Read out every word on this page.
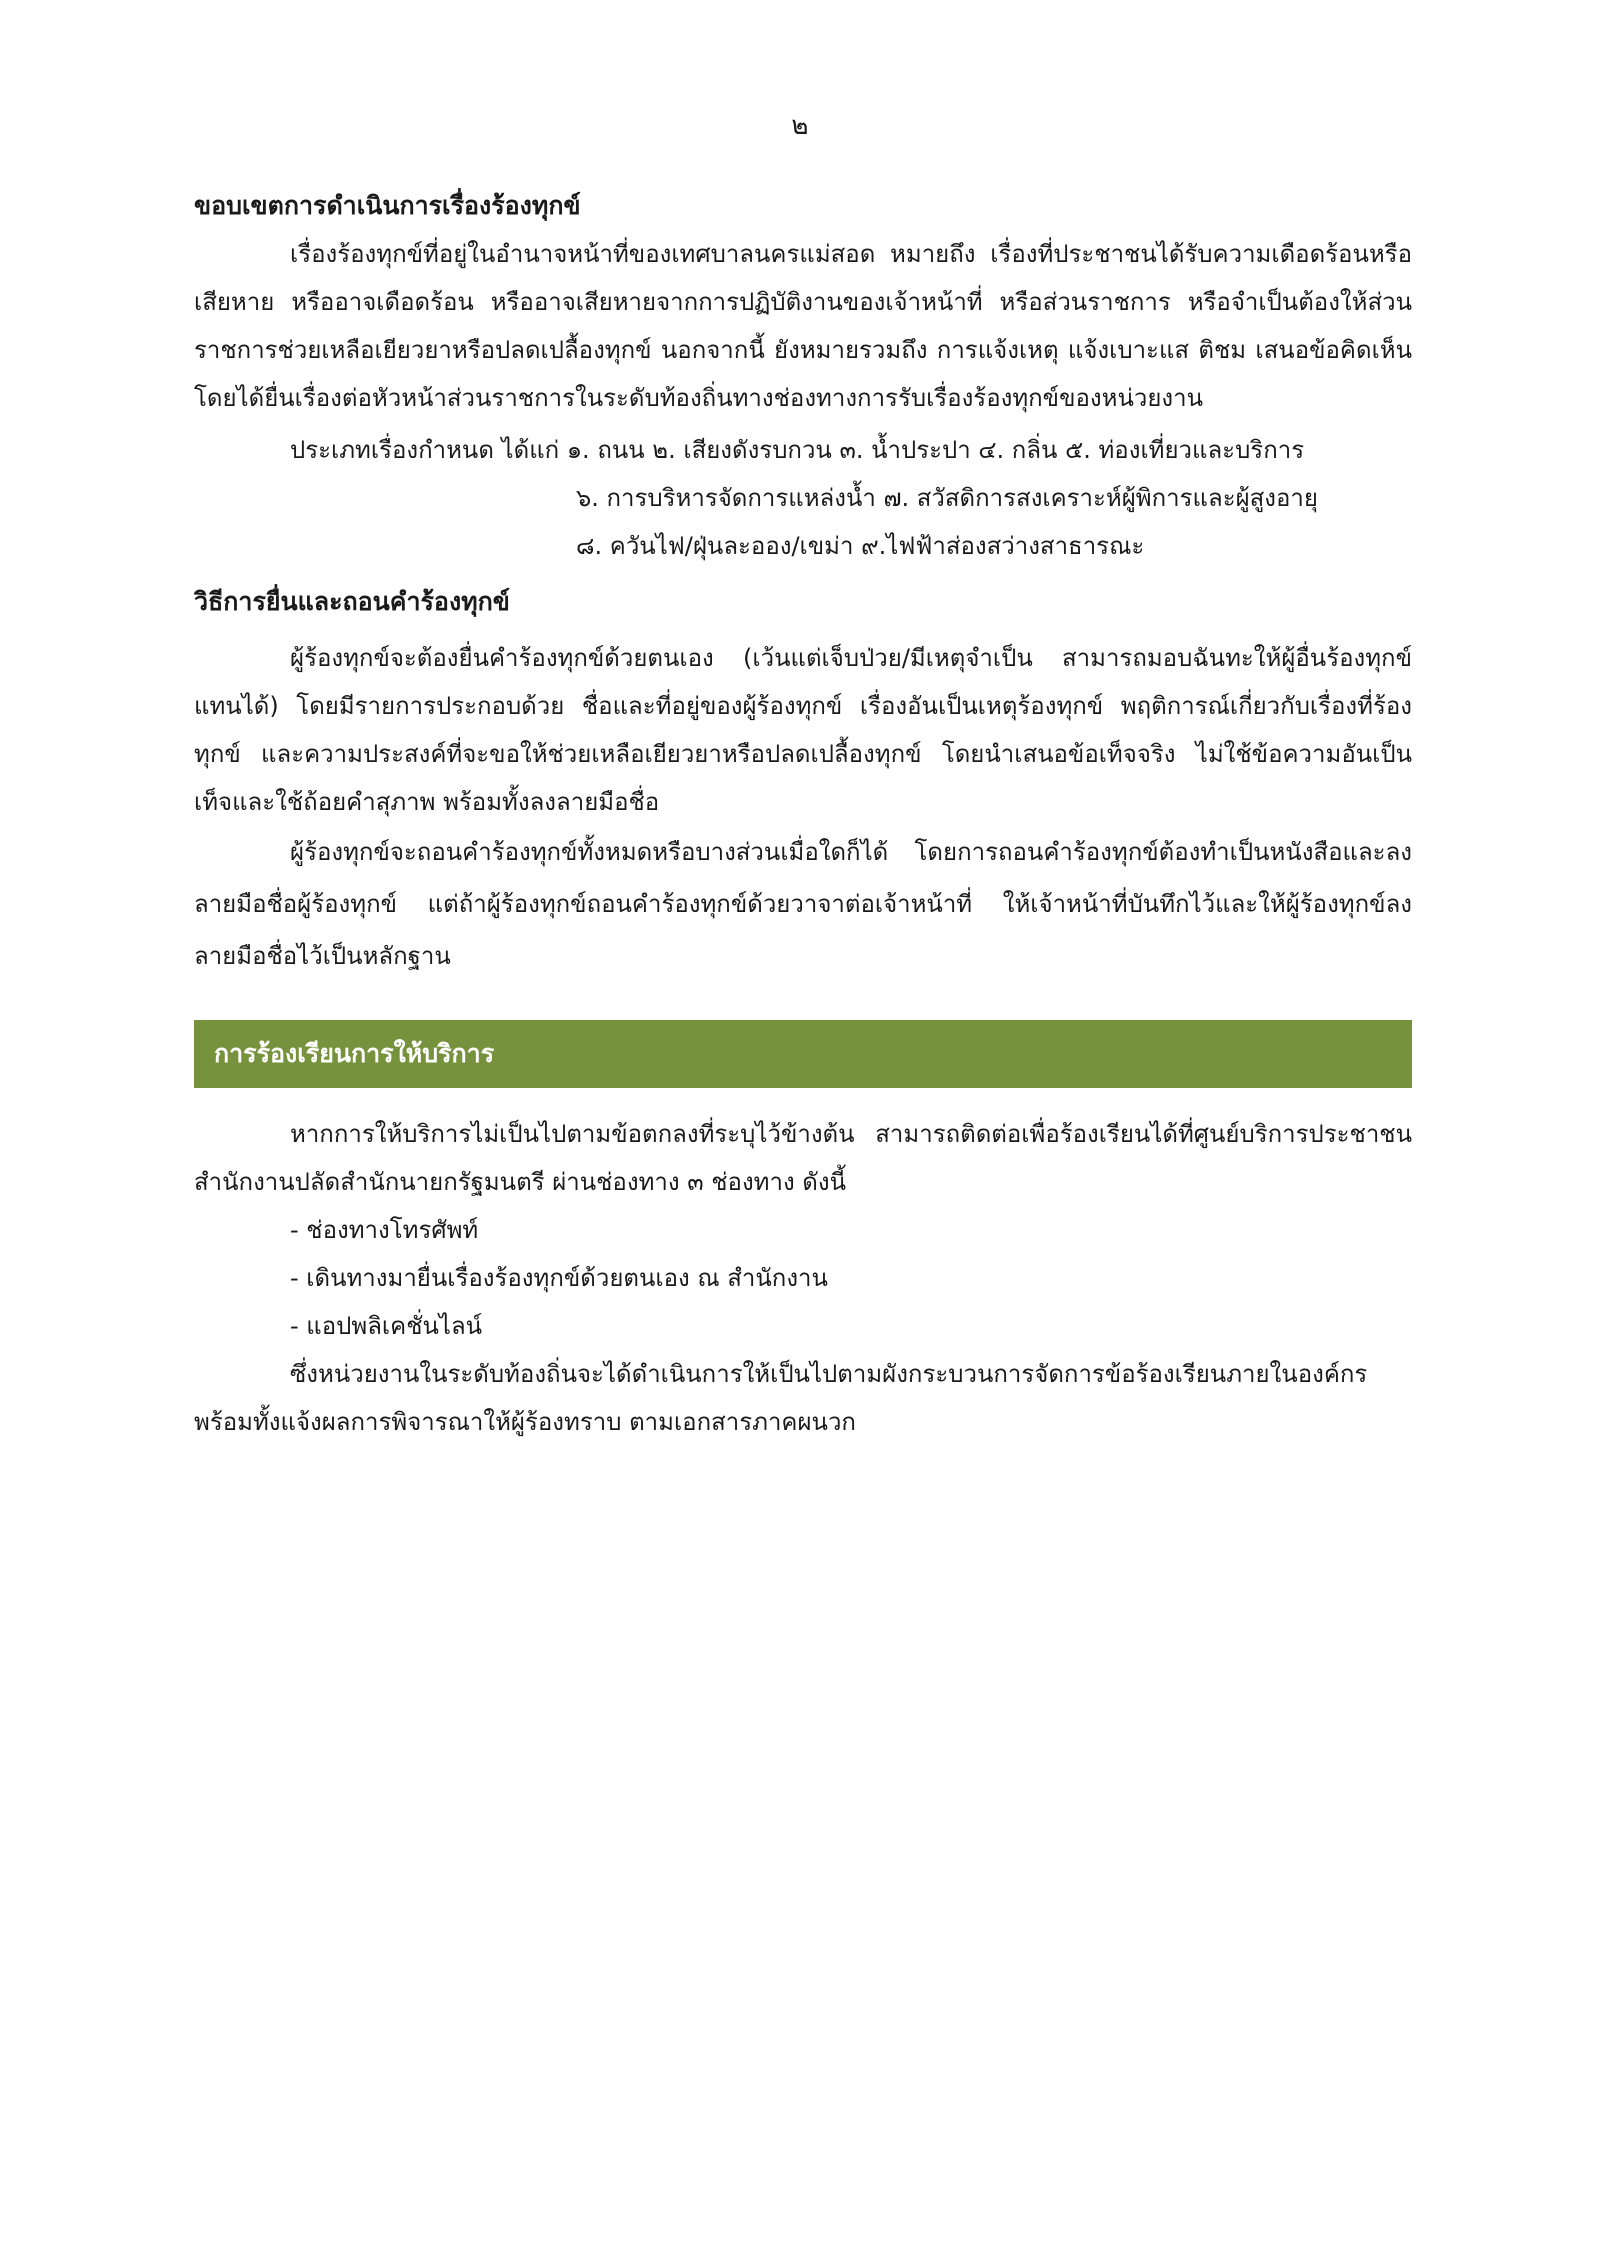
๒
ขอบเขตการดำเนินการเรื่องร้องทุกข์

เรื่องร้องทุกข์ที่อยู่ในอำนาจหน้าที่ของเทศบาลนครแม่สอด หมายถึง เรื่องที่ประชาชนได้รับความเดือดร้อนหรือเสียหาย หรืออาจเดือดร้อน หรืออาจเสียหายจากการปฏิบัติงานของเจ้าหน้าที่ หรือส่วนราชการ หรือจำเป็นต้องให้ส่วนราชการช่วยเหลือเยียวยาหรือปลดเปลื้องทุกข์ นอกจากนี้ ยังหมายรวมถึง การแจ้งเหตุ แจ้งเบาะแส ติชม เสนอข้อคิดเห็น โดยได้ยื่นเรื่องต่อหัวหน้าส่วนราชการในระดับท้องถิ่นทางช่องทางการรับเรื่องร้องทุกข์ของหน่วยงาน

ประเภทเรื่องกำหนด ได้แก่ ๑. ถนน ๒. เสียงดังรบกวน ๓. น้ำประปา ๔. กลิ่น ๕. ท่องเที่ยวและบริการ
๖. การบริหารจัดการแหล่งน้ำ ๗. สวัสดิการสงเคราะห์ผู้พิการและผู้สูงอายุ
๘. ควันไฟ/ฝุ่นละออง/เขม่า ๙.ไฟฟ้าส่องสว่างสาธารณะ
วิธีการยื่นและถอนคำร้องทุกข์

ผู้ร้องทุกข์จะต้องยื่นคำร้องทุกข์ด้วยตนเอง (เว้นแต่เจ็บป่วย/มีเหตุจำเป็น สามารถมอบฉันทะให้ผู้อื่นร้องทุกข์แทนได้) โดยมีรายการประกอบด้วย ชื่อและที่อยู่ของผู้ร้องทุกข์ เรื่องอันเป็นเหตุร้องทุกข์ พฤติการณ์เกี่ยวกับเรื่องที่ร้องทุกข์ และความประสงค์ที่จะขอให้ช่วยเหลือเยียวยาหรือปลดเปลื้องทุกข์ โดยนำเสนอข้อเท็จจริง ไม่ใช้ข้อความอันเป็นเท็จและใช้ถ้อยคำสุภาพ พร้อมทั้งลงลายมือชื่อ

ผู้ร้องทุกข์จะถอนคำร้องทุกข์ทั้งหมดหรือบางส่วนเมื่อใดก็ได้ โดยการถอนคำร้องทุกข์ต้องทำเป็นหนังสือและลงลายมือชื่อผู้ร้องทุกข์ แต่ถ้าผู้ร้องทุกข์ถอนคำร้องทุกข์ด้วยวาจาต่อเจ้าหน้าที่ ให้เจ้าหน้าที่บันทึกไว้และให้ผู้ร้องทุกข์ลงลายมือชื่อไว้เป็นหลักฐาน

การร้องเรียนการให้บริการ

หากการให้บริการไม่เป็นไปตามข้อตกลงที่ระบุไว้ข้างต้น สามารถติดต่อเพื่อร้องเรียนได้ที่ศูนย์บริการประชาชน สำนักงานปลัดสำนักนายกรัฐมนตรี ผ่านช่องทาง ๓ ช่องทาง ดังนี้

- ช่องทางโทรศัพท์

- เดินทางมายื่นเรื่องร้องทุกข์ด้วยตนเอง ณ สำนักงาน

- แอปพลิเคชั่นไลน์

ซึ่งหน่วยงานในระดับท้องถิ่นจะได้ดำเนินการให้เป็นไปตามผังกระบวนการจัดการข้อร้องเรียนภายในองค์กร พร้อมทั้งแจ้งผลการพิจารณาให้ผู้ร้องทราบ ตามเอกสารภาคผนวก
